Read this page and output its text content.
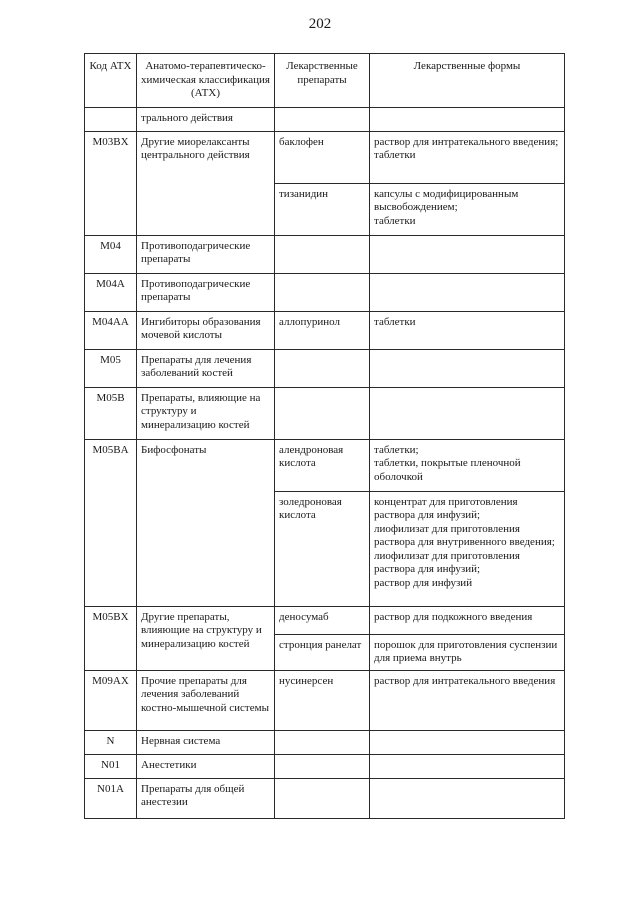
202
Код АТХ	Анатомо-терапевтическо-химическая классификация (АТХ)	Лекарственные препараты	Лекарственные формы
	трального действия		
M03BX	Другие миорелаксанты центрального действия	баклофен	раствор для интратекального введения;
таблетки
		тизанидин	капсулы с модифицированным высвобождением;
таблетки
M04	Противоподагрические препараты		
M04A	Противоподагрические препараты		
M04AA	Ингибиторы образования мочевой кислоты	аллопуринол	таблетки
M05	Препараты для лечения заболеваний костей		
M05B	Препараты, влияющие на структуру и минерализацию костей		
M05BA	Бифосфонаты	алендроновая кислота	таблетки;
таблетки, покрытые пленочной оболочкой
		золедроновая кислота	концентрат для приготовления раствора для инфузий;
лиофилизат для приготовления раствора для внутривенного введения;
лиофилизат для приготовления раствора для инфузий;
раствор для инфузий
M05BX	Другие препараты, влияющие на структуру и минерализацию костей	деносумаб	раствор для подкожного введения
		стронция ранелат	порошок для приготовления суспензии для приема внутрь
M09AX	Прочие препараты для лечения заболеваний костно-мышечной системы	нусинерсен	раствор для интратекального введения
N	Нервная система		
N01	Анестетики		
N01A	Препараты для общей анестезии		
